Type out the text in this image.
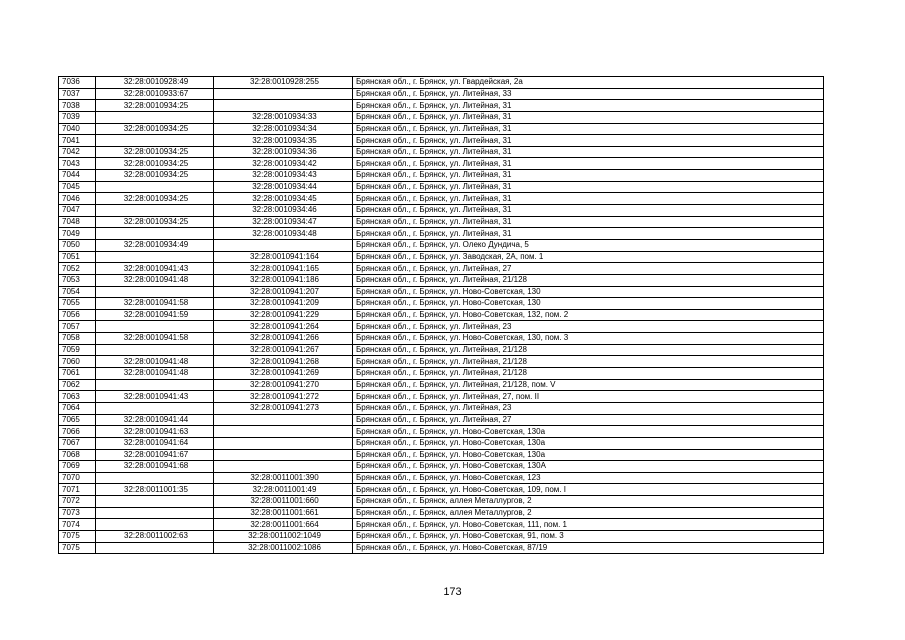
7036	32:28:0010928:49	32:28:0010928:255	Брянская обл., г. Брянск, ул. Гвардейская, 2а
7037	32:28:0010933:67		Брянская обл., г. Брянск, ул. Литейная, 33
7038	32:28:0010934:25		Брянская обл., г. Брянск, ул. Литейная, 31
7039		32:28:0010934:33	Брянская обл., г. Брянск, ул. Литейная, 31
7040	32:28:0010934:25	32:28:0010934:34	Брянская обл., г. Брянск, ул. Литейная, 31
7041		32:28:0010934:35	Брянская обл., г. Брянск, ул. Литейная, 31
7042	32:28:0010934:25	32:28:0010934:36	Брянская обл., г. Брянск, ул. Литейная, 31
7043	32:28:0010934:25	32:28:0010934:42	Брянская обл., г. Брянск, ул. Литейная, 31
7044	32:28:0010934:25	32:28:0010934:43	Брянская обл., г. Брянск, ул. Литейная, 31
7045		32:28:0010934:44	Брянская обл., г. Брянск, ул. Литейная, 31
7046	32:28:0010934:25	32:28:0010934:45	Брянская обл., г. Брянск, ул. Литейная, 31
7047		32:28:0010934:46	Брянская обл., г. Брянск, ул. Литейная, 31
7048	32:28:0010934:25	32:28:0010934:47	Брянская обл., г. Брянск, ул. Литейная, 31
7049		32:28:0010934:48	Брянская обл., г. Брянск, ул. Литейная, 31
7050	32:28:0010934:49		Брянская обл., г. Брянск, ул. Олеко Дундича, 5
7051		32:28:0010941:164	Брянская обл., г. Брянск, ул. Заводская, 2А, пом. 1
7052	32:28:0010941:43	32:28:0010941:165	Брянская обл., г. Брянск, ул. Литейная, 27
7053	32:28:0010941:48	32:28:0010941:186	Брянская обл., г. Брянск, ул. Литейная, 21/128
7054		32:28:0010941:207	Брянская обл., г. Брянск, ул. Ново-Советская, 130
7055	32:28:0010941:58	32:28:0010941:209	Брянская обл., г. Брянск, ул. Ново-Советская, 130
7056	32:28:0010941:59	32:28:0010941:229	Брянская обл., г. Брянск, ул. Ново-Советская, 132, пом. 2
7057		32:28:0010941:264	Брянская обл., г. Брянск, ул. Литейная, 23
7058	32:28:0010941:58	32:28:0010941:266	Брянская обл., г. Брянск, ул. Ново-Советская, 130, пом. 3
7059		32:28:0010941:267	Брянская обл., г. Брянск, ул. Литейная, 21/128
7060	32:28:0010941:48	32:28:0010941:268	Брянская обл., г. Брянск, ул. Литейная, 21/128
7061	32:28:0010941:48	32:28:0010941:269	Брянская обл., г. Брянск, ул. Литейная, 21/128
7062		32:28:0010941:270	Брянская обл., г. Брянск, ул. Литейная, 21/128, пом. V
7063	32:28:0010941:43	32:28:0010941:272	Брянская обл., г. Брянск, ул. Литейная, 27, пом. II
7064		32:28:0010941:273	Брянская обл., г. Брянск, ул. Литейная, 23
7065	32:28:0010941:44		Брянская обл., г. Брянск, ул. Литейная, 27
7066	32:28:0010941:63		Брянская обл., г. Брянск, ул. Ново-Советская, 130а
7067	32:28:0010941:64		Брянская обл., г. Брянск, ул. Ново-Советская, 130а
7068	32:28:0010941:67		Брянская обл., г. Брянск, ул. Ново-Советская, 130а
7069	32:28:0010941:68		Брянская обл., г. Брянск, ул. Ново-Советская, 130А
7070		32:28:0011001:390	Брянская обл., г. Брянск, ул. Ново-Советская, 123
7071	32:28:0011001:35	32:28:0011001:49	Брянская обл., г. Брянск, ул. Ново-Советская, 109, пом. I
7072		32:28:0011001:660	Брянская обл., г. Брянск, аллея Металлургов, 2
7073		32:28:0011001:661	Брянская обл., г. Брянск, аллея Металлургов, 2
7074		32:28:0011001:664	Брянская обл., г. Брянск, ул. Ново-Советская, 111, пом. 1
7075	32:28:0011002:63	32:28:0011002:1049	Брянская обл., г. Брянск, ул. Ново-Советская, 91, пом. 3
7075		32:28:0011002:1086	Брянская обл., г. Брянск, ул. Ново-Советская, 87/19
173
